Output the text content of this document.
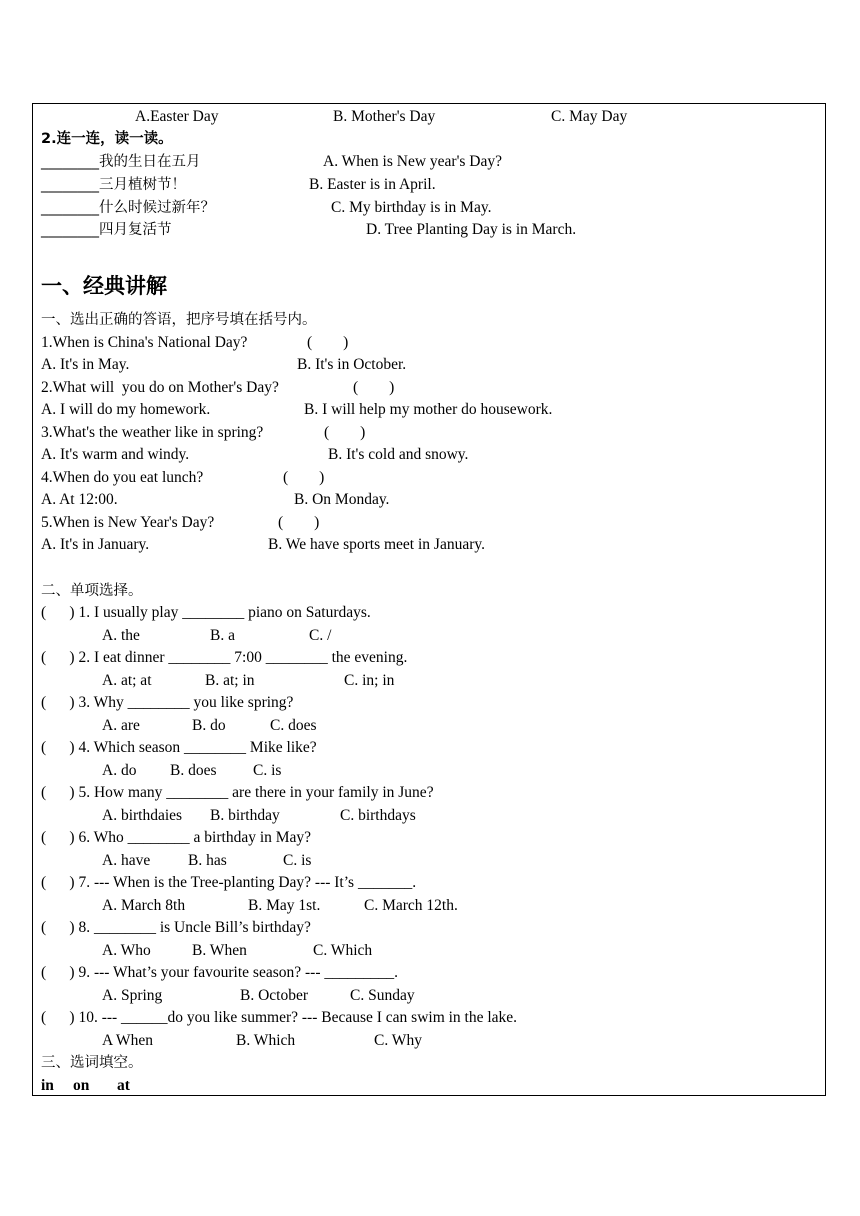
A.Easter Day	B. Mother's Day	C. May Day
2.连一连，读一读。
________我的生日在五月	A. When is New year's Day?
________三月植树节！	B. Easter is in April.
________什么时候过新年？	C. My birthday is in May.
________四月复活节	D. Tree Planting Day is in March.
一、经典讲解
一、选出正确的答语，把序号填在括号内。
1.When is China's National Day?	(        )
A. It's in May.	B. It's in October.
2.What will  you do on Mother's Day?	(        )
A. I will do my homework.	B. I will help my mother do housework.
3.What's the weather like in spring?	(        )
A. It's warm and windy.	B. It's cold and snowy.
4.When do you eat lunch?	(        )
A. At 12:00.	B. On Monday.
5.When is New Year's Day?	(        )
A. It's in January.	B. We have sports meet in January.
二、单项选择。
(      ) 1. I usually play ________ piano on Saturdays.
A. the	B. a	C. /
(      ) 2. I eat dinner ________ 7:00 ________ the evening.
A. at; at	B. at; in	C. in; in
(      ) 3. Why ________ you like spring?
A. are	B. do	C. does
(      ) 4. Which season ________ Mike like?
A. do B. does C. is
(      ) 5. How many ________ are there in your family in June?
A. birthdaies B. birthday	C. birthdays
(      ) 6. Who ________ a birthday in May?
A. have B. has	C. is
(      ) 7. --- When is the Tree-planting Day? --- It’s _______.
A. March 8th	B. May 1st.	C. March 12th.
(      ) 8. ________ is Uncle Bill’s birthday?
A. Who	B. When	C. Which
(      ) 9. --- What’s your favourite season? --- _________.
A. Spring	B. October	C. Sunday
(      ) 10. --- ______do you like summer? --- Because I can swim in the lake.
A When	B. Which	C. Why
三、选词填空。
in on at
